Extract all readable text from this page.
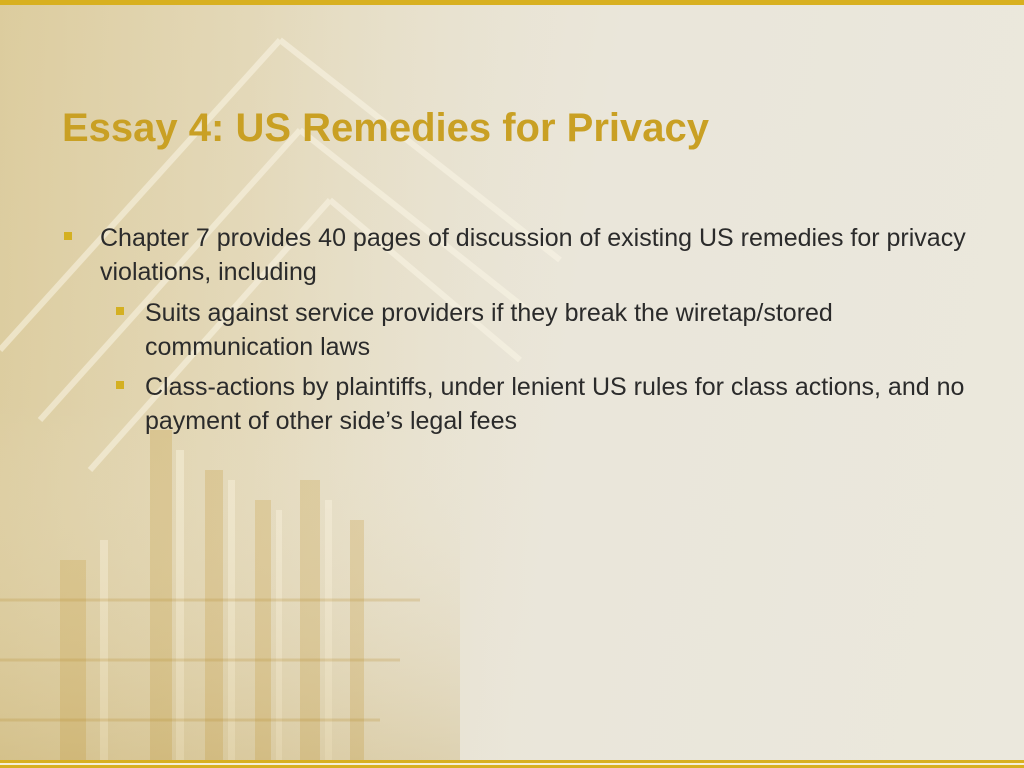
Essay 4: US Remedies for Privacy
Chapter 7 provides 40 pages of discussion of existing US remedies for privacy violations, including
Suits against service providers if they break the wiretap/stored communication laws
Class-actions by plaintiffs, under lenient US rules for class actions, and no payment of other side’s legal fees
